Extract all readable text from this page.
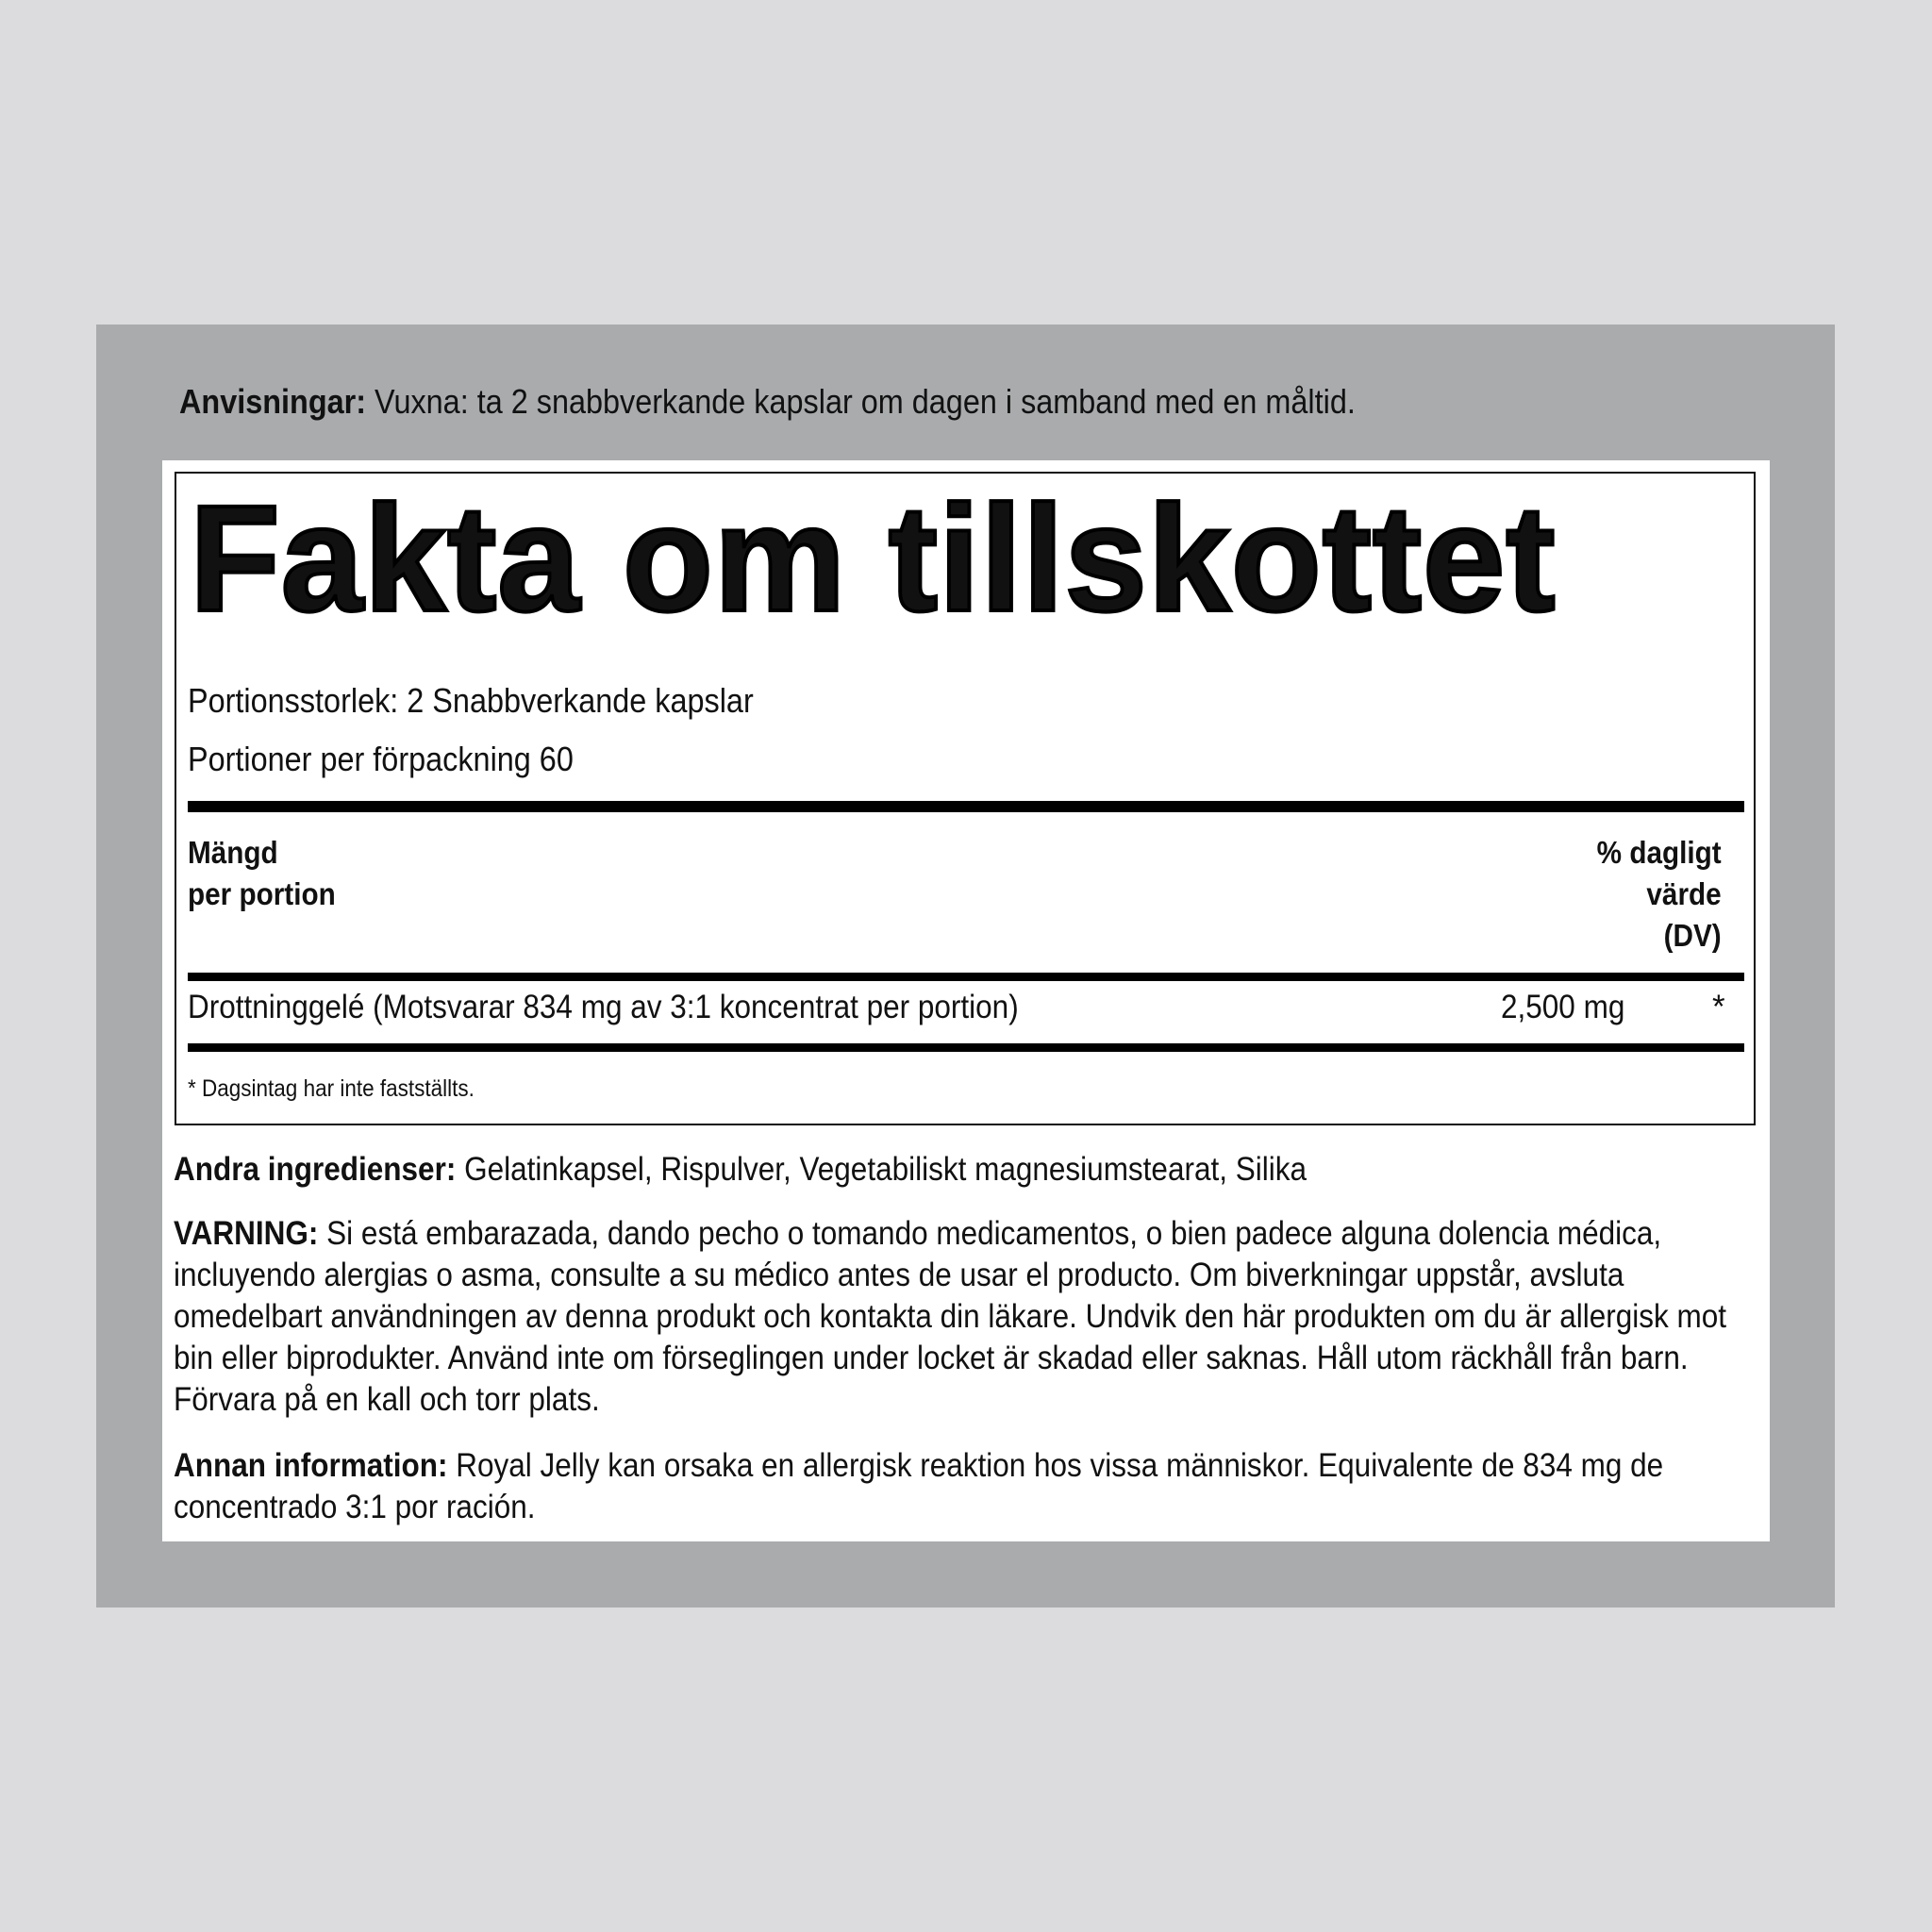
Anvisningar: Vuxna: ta 2 snabbverkande kapslar om dagen i samband med en måltid.
Fakta om tillskottet
Portionsstorlek: 2 Snabbverkande kapslar
Portioner per förpackning 60
Mängd
per portion
% dagligt
värde
(DV)
Drottninggelé (Motsvarar 834 mg av 3:1 koncentrat per portion)	2,500 mg	*
* Dagsintag har inte fastställts.
Andra ingredienser: Gelatinkapsel, Rispulver, Vegetabiliskt magnesiumstearat, Silika
VARNING: Si está embarazada, dando pecho o tomando medicamentos, o bien padece alguna dolencia médica, incluyendo alergias o asma, consulte a su médico antes de usar el producto. Om biverkningar uppstår, avsluta omedelbart användningen av denna produkt och kontakta din läkare. Undvik den här produkten om du är allergisk mot bin eller biprodukter. Använd inte om förseglingen under locket är skadad eller saknas. Håll utom räckhåll från barn. Förvara på en kall och torr plats.
Annan information: Royal Jelly kan orsaka en allergisk reaktion hos vissa människor. Equivalente de 834 mg de concentrado 3:1 por ración.
